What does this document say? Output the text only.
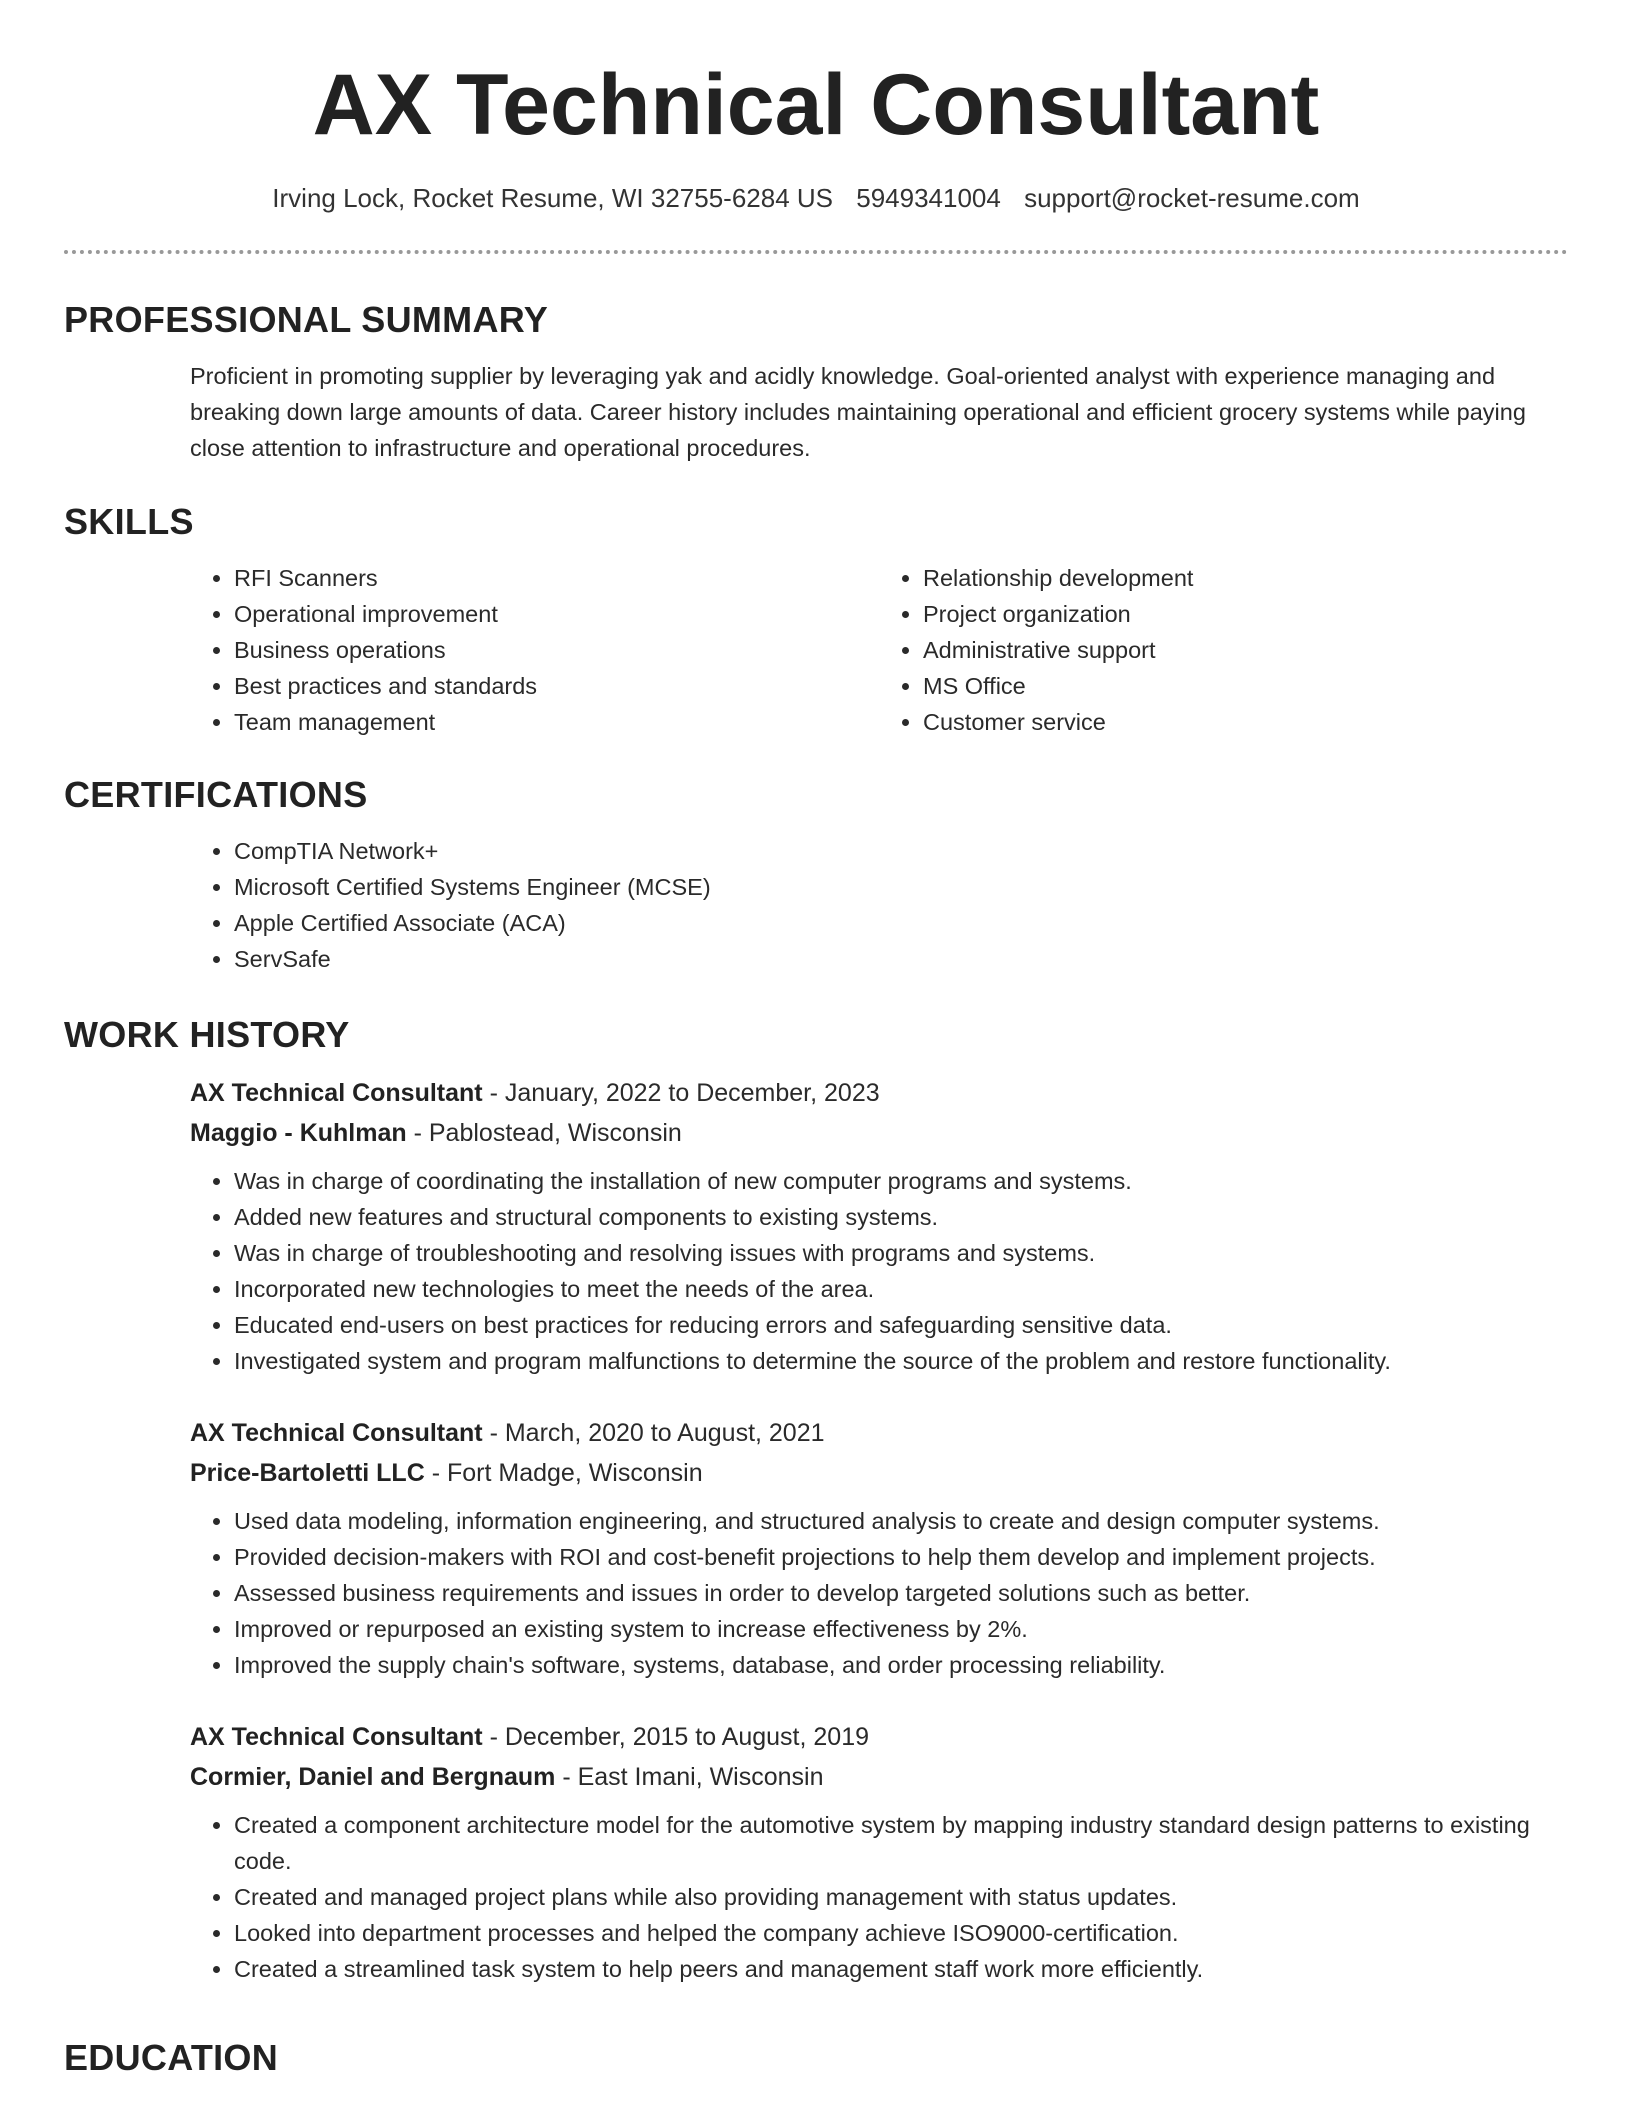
AX Technical Consultant
Irving Lock, Rocket Resume, WI 32755-6284 US 5949341004 support@rocket-resume.com
PROFESSIONAL SUMMARY

Proficient in promoting supplier by leveraging yak and acidly knowledge. Goal-oriented analyst with experience managing and breaking down large amounts of data. Career history includes maintaining operational and efficient grocery systems while paying close attention to infrastructure and operational procedures.

SKILLS
• RFI Scanners
• Operational improvement
• Business operations
• Best practices and standards
• Team management
• Relationship development
• Project organization
• Administrative support
• MS Office
• Customer service
CERTIFICATIONS
• CompTIA Network+
• Microsoft Certified Systems Engineer (MCSE)
• Apple Certified Associate (ACA)
• ServSafe
WORK HISTORY
AX Technical Consultant - January, 2022 to December, 2023
Maggio - Kuhlman - Pablostead, Wisconsin
• Was in charge of coordinating the installation of new computer programs and systems.
• Added new features and structural components to existing systems.
• Was in charge of troubleshooting and resolving issues with programs and systems.
• Incorporated new technologies to meet the needs of the area.
• Educated end-users on best practices for reducing errors and safeguarding sensitive data.
• Investigated system and program malfunctions to determine the source of the problem and restore functionality.
AX Technical Consultant - March, 2020 to August, 2021
Price-Bartoletti LLC - Fort Madge, Wisconsin
• Used data modeling, information engineering, and structured analysis to create and design computer systems.
• Provided decision-makers with ROI and cost-benefit projections to help them develop and implement projects.
• Assessed business requirements and issues in order to develop targeted solutions such as better.
• Improved or repurposed an existing system to increase effectiveness by 2%.
• Improved the supply chain's software, systems, database, and order processing reliability.
AX Technical Consultant - December, 2015 to August, 2019
Cormier, Daniel and Bergnaum - East Imani, Wisconsin
• Created a component architecture model for the automotive system by mapping industry standard design patterns to existing code.
• Created and managed project plans while also providing management with status updates.
• Looked into department processes and helped the company achieve ISO9000-certification.
• Created a streamlined task system to help peers and management staff work more efficiently.
EDUCATION
